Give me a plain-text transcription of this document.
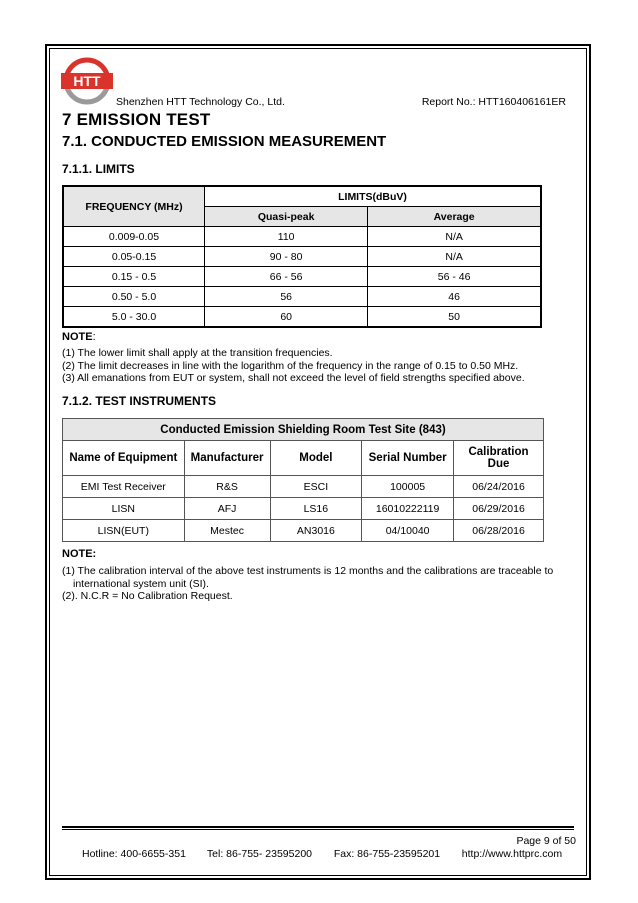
HTT
Shenzhen HTT Technology Co., Ltd.	Report No.: HTT160406161ER
7 EMISSION TEST
7.1. CONDUCTED EMISSION MEASUREMENT
7.1.1. LIMITS
FREQUENCY (MHz)	LIMITS(dBuV)	
	Quasi-peak	Average
0.009-0.05	110	N/A
0.05-0.15	90 - 80	N/A
0.15 - 0.5	66 - 56	56 - 46
0.50 - 5.0	56	46
5.0 - 30.0	60	50
NOTE:
(1) The lower limit shall apply at the transition frequencies.
(2) The limit decreases in line with the logarithm of the frequency in the range of 0.15 to 0.50 MHz.
(3) All emanations from EUT or system, shall not exceed the level of field strengths specified above.
7.1.2. TEST INSTRUMENTS
Conducted Emission Shielding Room Test Site (843)				
Name of Equipment	Manufacturer	Model	Serial Number	Calibration Due
EMI Test Receiver	R&S	ESCI	100005	06/24/2016
LISN	AFJ	LS16	16010222119	06/29/2016
LISN(EUT)	Mestec	AN3016	04/10040	06/28/2016
NOTE:
(1) The calibration interval of the above test instruments is 12 months and the calibrations are traceable to international system unit (SI).
(2). N.C.R = No Calibration Request.
Page 9 of 50
Hotline: 400-6655-351 Tel: 86-755- 23595200 Fax: 86-755-23595201 http://www.httprc.com
